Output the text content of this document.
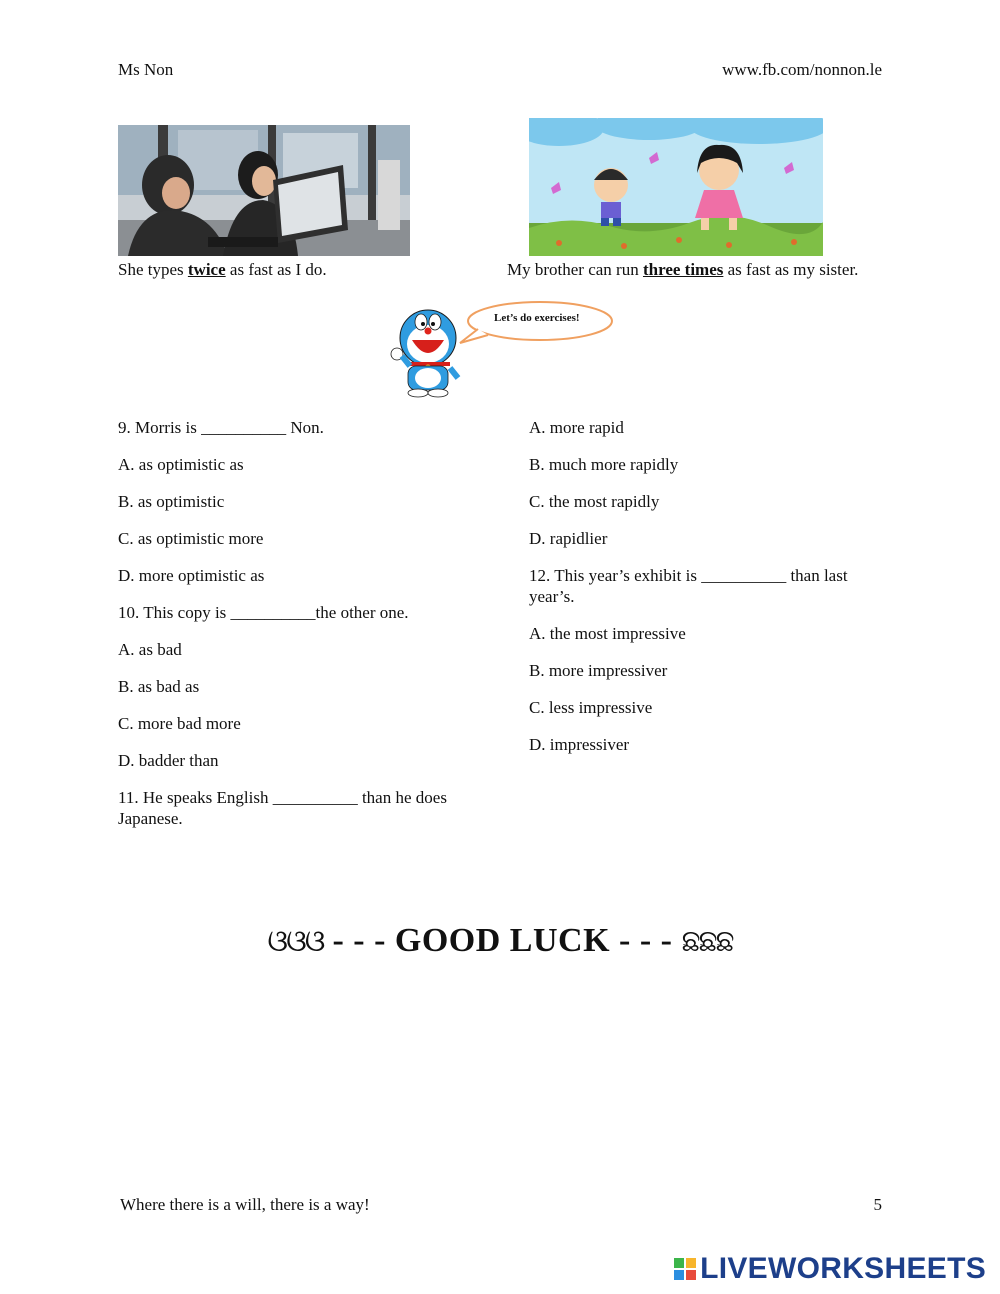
Ms Non	www.fb.com/nonnon.le
She types twice as fast as I do.	My brother can run three times as fast as my sister.
Let’s do exercises!

9. Morris is __________ Non.

A. as optimistic as

B. as optimistic

C. as optimistic more

D. more optimistic as

10. This copy is __________the other one.

A. as bad

B. as bad as

C. more bad more

D. badder than

11. He speaks English __________ than he does Japanese.

A. more rapid

B. much more rapidly

C. the most rapidly

D. rapidlier

12. This year’s exhibit is __________ than last year’s.

A. the most impressive

B. more impressiver

C. less impressive

D. impressiver

ଓଓଓ - - - GOOD LUCK - - - ଛଛଛ
Where there is a will, there is a way!	5
LIVEWORKSHEETS
